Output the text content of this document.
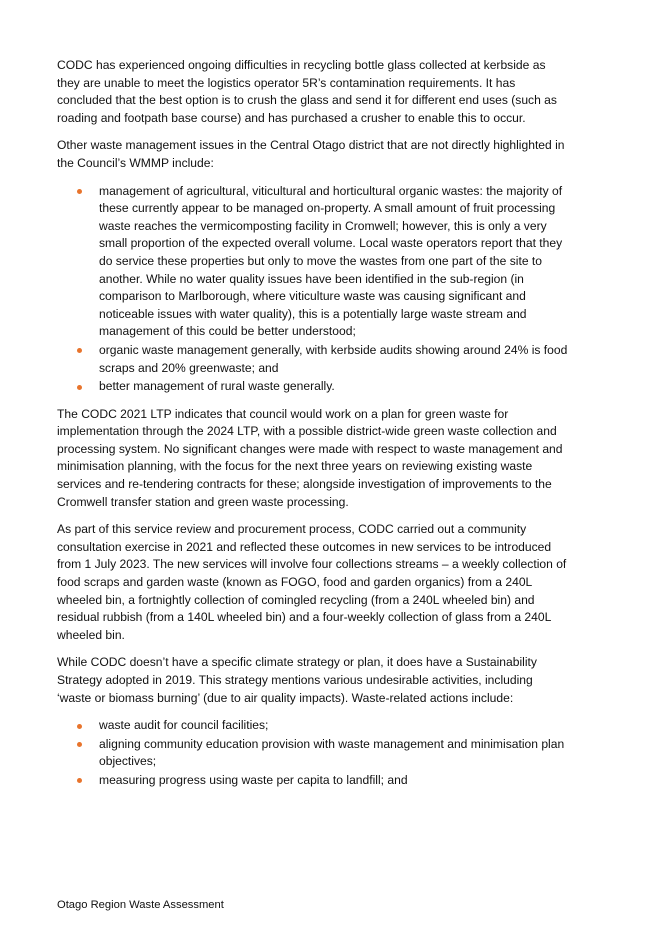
CODC has experienced ongoing difficulties in recycling bottle glass collected at kerbside as they are unable to meet the logistics operator 5R’s contamination requirements. It has concluded that the best option is to crush the glass and send it for different end uses (such as roading and footpath base course) and has purchased a crusher to enable this to occur.

Other waste management issues in the Central Otago district that are not directly highlighted in the Council’s WMMP include:

management of agricultural, viticultural and horticultural organic wastes: the majority of these currently appear to be managed on-property. A small amount of fruit processing waste reaches the vermicomposting facility in Cromwell; however, this is only a very small proportion of the expected overall volume. Local waste operators report that they do service these properties but only to move the wastes from one part of the site to another. While no water quality issues have been identified in the sub-region (in comparison to Marlborough, where viticulture waste was causing significant and noticeable issues with water quality), this is a potentially large waste stream and management of this could be better understood;
organic waste management generally, with kerbside audits showing around 24% is food scraps and 20% greenwaste; and
better management of rural waste generally.

The CODC 2021 LTP indicates that council would work on a plan for green waste for implementation through the 2024 LTP, with a possible district-wide green waste collection and processing system. No significant changes were made with respect to waste management and minimisation planning, with the focus for the next three years on reviewing existing waste services and re-tendering contracts for these; alongside investigation of improvements to the Cromwell transfer station and green waste processing.

As part of this service review and procurement process, CODC carried out a community consultation exercise in 2021 and reflected these outcomes in new services to be introduced from 1 July 2023. The new services will involve four collections streams – a weekly collection of food scraps and garden waste (known as FOGO, food and garden organics) from a 240L wheeled bin, a fortnightly collection of comingled recycling (from a 240L wheeled bin) and residual rubbish (from a 140L wheeled bin) and a four-weekly collection of glass from a 240L wheeled bin.

While CODC doesn’t have a specific climate strategy or plan, it does have a Sustainability Strategy adopted in 2019. This strategy mentions various undesirable activities, including ‘waste or biomass burning’ (due to air quality impacts). Waste-related actions include:

waste audit for council facilities;
aligning community education provision with waste management and minimisation plan objectives;
measuring progress using waste per capita to landfill; and
Otago Region Waste Assessment
